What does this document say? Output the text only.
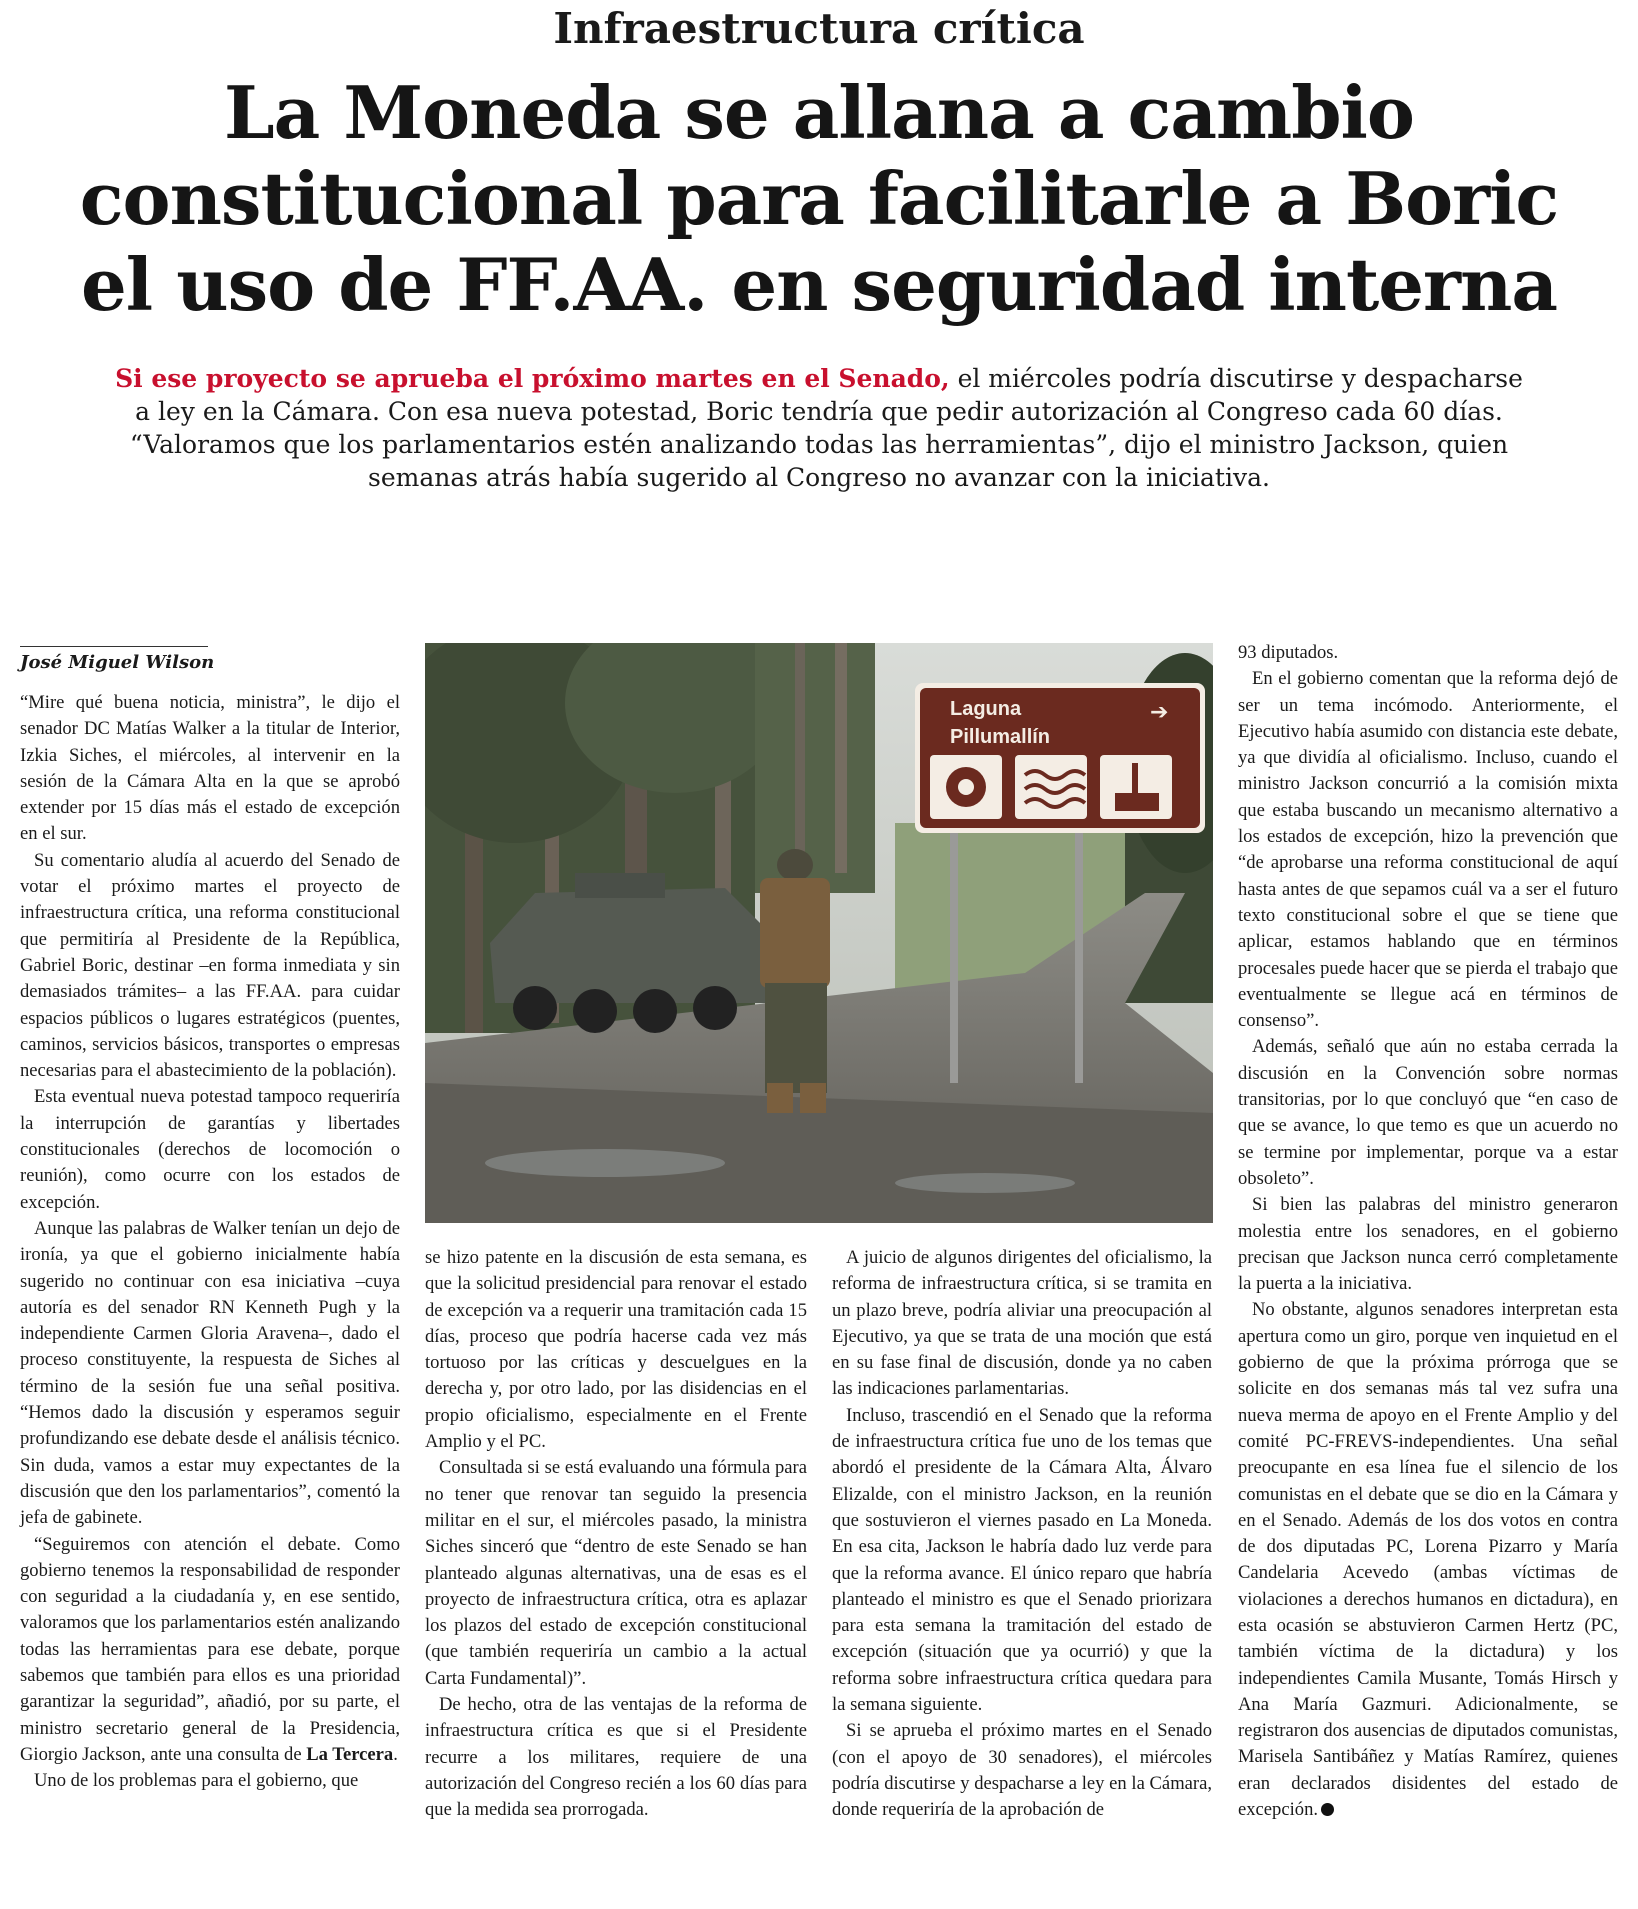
Infraestructura crítica
La Moneda se allana a cambio
constitucional para facilitarle a Boric
el uso de FF.AA. en seguridad interna
Si ese proyecto se aprueba el próximo martes en el Senado, el miércoles podría discutirse y despacharse a ley en la Cámara. Con esa nueva potestad, Boric tendría que pedir autorización al Congreso cada 60 días. “Valoramos que los parlamentarios estén analizando todas las herramientas”, dijo el ministro Jackson, quien semanas atrás había sugerido al Congreso no avanzar con la iniciativa.
José Miguel Wilson
Laguna
Pillumallín
➔

“Mire qué buena noticia, ministra”, le dijo el senador DC Matías Walker a la titular de Interior, Izkia Siches, el miércoles, al intervenir en la sesión de la Cámara Alta en la que se aprobó extender por 15 días más el estado de excepción en el sur.

Su comentario aludía al acuerdo del Senado de votar el próximo martes el proyecto de infraestructura crítica, una reforma constitucional que permitiría al Presidente de la República, Gabriel Boric, destinar –en forma inmediata y sin demasiados trámites– a las FF.AA. para cuidar espacios públicos o lugares estratégicos (puentes, caminos, servicios básicos, transportes o empresas necesarias para el abastecimiento de la población).

Esta eventual nueva potestad tampoco requeriría la interrupción de garantías y libertades constitucionales (derechos de locomoción o reunión), como ocurre con los estados de excepción.

Aunque las palabras de Walker tenían un dejo de ironía, ya que el gobierno inicialmente había sugerido no continuar con esa iniciativa –cuya autoría es del senador RN Kenneth Pugh y la independiente Carmen Gloria Aravena–, dado el proceso constituyente, la respuesta de Siches al término de la sesión fue una señal positiva. “Hemos dado la discusión y esperamos seguir profundizando ese debate desde el análisis técnico. Sin duda, vamos a estar muy expectantes de la discusión que den los parlamentarios”, comentó la jefa de gabinete.

“Seguiremos con atención el debate. Como gobierno tenemos la responsabilidad de responder con seguridad a la ciudadanía y, en ese sentido, valoramos que los parlamentarios estén analizando todas las herramientas para ese debate, porque sabemos que también para ellos es una prioridad garantizar la seguridad”, añadió, por su parte, el ministro secretario general de la Presidencia, Giorgio Jackson, ante una consulta de La Tercera.

Uno de los problemas para el gobierno, que

se hizo patente en la discusión de esta semana, es que la solicitud presidencial para renovar el estado de excepción va a requerir una tramitación cada 15 días, proceso que podría hacerse cada vez más tortuoso por las críticas y descuelgues en la derecha y, por otro lado, por las disidencias en el propio oficialismo, especialmente en el Frente Amplio y el PC.

Consultada si se está evaluando una fórmula para no tener que renovar tan seguido la presencia militar en el sur, el miércoles pasado, la ministra Siches sinceró que “dentro de este Senado se han planteado algunas alternativas, una de esas es el proyecto de infraestructura crítica, otra es aplazar los plazos del estado de excepción constitucional (que también requeriría un cambio a la actual Carta Fundamental)”.

De hecho, otra de las ventajas de la reforma de infraestructura crítica es que si el Presidente recurre a los militares, requiere de una autorización del Congreso recién a los 60 días para que la medida sea prorrogada.

A juicio de algunos dirigentes del oficialismo, la reforma de infraestructura crítica, si se tramita en un plazo breve, podría aliviar una preocupación al Ejecutivo, ya que se trata de una moción que está en su fase final de discusión, donde ya no caben las indicaciones parlamentarias.

Incluso, trascendió en el Senado que la reforma de infraestructura crítica fue uno de los temas que abordó el presidente de la Cámara Alta, Álvaro Elizalde, con el ministro Jackson, en la reunión que sostuvieron el viernes pasado en La Moneda. En esa cita, Jackson le habría dado luz verde para que la reforma avance. El único reparo que habría planteado el ministro es que el Senado priorizara para esta semana la tramitación del estado de excepción (situación que ya ocurrió) y que la reforma sobre infraestructura crítica quedara para la semana siguiente.

Si se aprueba el próximo martes en el Senado (con el apoyo de 30 senadores), el miércoles podría discutirse y despacharse a ley en la Cámara, donde requeriría de la aprobación de

93 diputados.

En el gobierno comentan que la reforma dejó de ser un tema incómodo. Anteriormente, el Ejecutivo había asumido con distancia este debate, ya que dividía al oficialismo. Incluso, cuando el ministro Jackson concurrió a la comisión mixta que estaba buscando un mecanismo alternativo a los estados de excepción, hizo la prevención que “de aprobarse una reforma constitucional de aquí hasta antes de que sepamos cuál va a ser el futuro texto constitucional sobre el que se tiene que aplicar, estamos hablando que en términos procesales puede hacer que se pierda el trabajo que eventualmente se llegue acá en términos de consenso”.

Además, señaló que aún no estaba cerrada la discusión en la Convención sobre normas transitorias, por lo que concluyó que “en caso de que se avance, lo que temo es que un acuerdo no se termine por implementar, porque va a estar obsoleto”.

Si bien las palabras del ministro generaron molestia entre los senadores, en el gobierno precisan que Jackson nunca cerró completamente la puerta a la iniciativa.

No obstante, algunos senadores interpretan esta apertura como un giro, porque ven inquietud en el gobierno de que la próxima prórroga que se solicite en dos semanas más tal vez sufra una nueva merma de apoyo en el Frente Amplio y del comité PC-FREVS-independientes. Una señal preocupante en esa línea fue el silencio de los comunistas en el debate que se dio en la Cámara y en el Senado. Además de los dos votos en contra de dos diputadas PC, Lorena Pizarro y María Candelaria Acevedo (ambas víctimas de violaciones a derechos humanos en dictadura), en esta ocasión se abstuvieron Carmen Hertz (PC, también víctima de la dictadura) y los independientes Camila Musante, Tomás Hirsch y Ana María Gazmuri. Adicionalmente, se registraron dos ausencias de diputados comunistas, Marisela Santibáñez y Matías Ramírez, quienes eran declarados disidentes del estado de excepción.
